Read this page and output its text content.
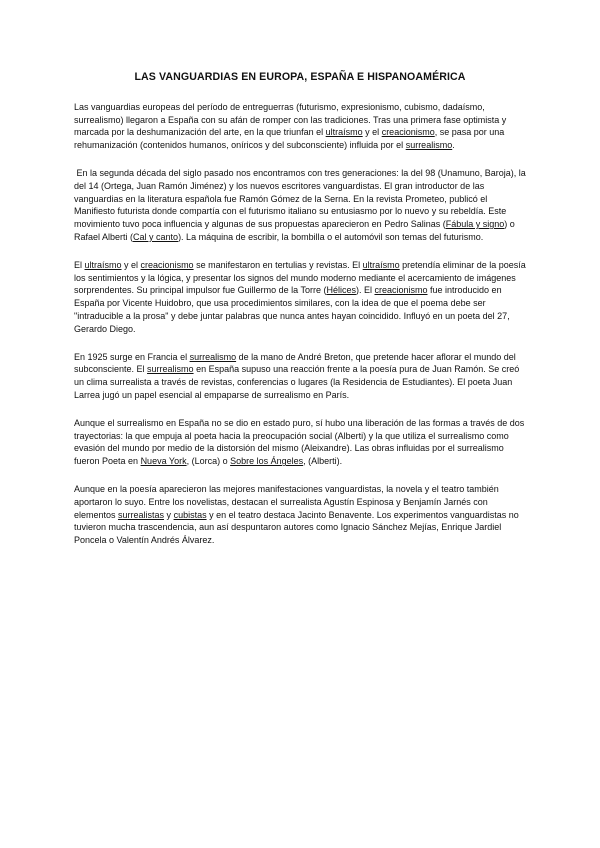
LAS VANGUARDIAS EN EUROPA, ESPAÑA E HISPANOAMÉRICA

Las vanguardias europeas del período de entreguerras (futurismo, expresionismo, cubismo, dadaísmo, surrealismo) llegaron a España con su afán de romper con las tradiciones. Tras una primera fase optimista y marcada por la deshumanización del arte, en la que triunfan el ultraísmo y el creacionismo, se pasa por una rehumanización (contenidos humanos, oníricos y del subconsciente) influida por el surrealismo.

En la segunda década del siglo pasado nos encontramos con tres generaciones: la del 98 (Unamuno, Baroja), la del 14 (Ortega, Juan Ramón Jiménez) y los nuevos escritores vanguardistas. El gran introductor de las vanguardias en la literatura española fue Ramón Gómez de la Serna. En la revista Prometeo, publicó el Manifiesto futurista donde compartía con el futurismo italiano su entusiasmo por lo nuevo y su rebeldía. Este movimiento tuvo poca influencia y algunas de sus propuestas aparecieron en Pedro Salinas (Fábula y signo) o Rafael Alberti (Cal y canto). La máquina de escribir, la bombilla o el automóvil son temas del futurismo.

El ultraísmo y el creacionismo se manifestaron en tertulias y revistas. El ultraísmo pretendía eliminar de la poesía los sentimientos y la lógica, y presentar los signos del mundo moderno mediante el acercamiento de imágenes sorprendentes. Su principal impulsor fue Guillermo de la Torre (Hélices). El creacionismo fue introducido en España por Vicente Huidobro, que usa procedimientos similares, con la idea de que el poema debe ser "intraducible a la prosa" y debe juntar palabras que nunca antes hayan coincidido. Influyó en un poeta del 27, Gerardo Diego.

En 1925 surge en Francia el surrealismo de la mano de André Breton, que pretende hacer aflorar el mundo del subconsciente. El surrealismo en España supuso una reacción frente a la poesía pura de Juan Ramón. Se creó un clima surrealista a través de revistas, conferencias o lugares (la Residencia de Estudiantes). El poeta Juan Larrea jugó un papel esencial al empaparse de surrealismo en París.

Aunque el surrealismo en España no se dio en estado puro, sí hubo una liberación de las formas a través de dos trayectorias: la que empuja al poeta hacia la preocupación social (Alberti) y la que utiliza el surrealismo como evasión del mundo por medio de la distorsión del mismo (Aleixandre). Las obras influidas por el surrealismo fueron Poeta en Nueva York, (Lorca) o Sobre los Ángeles, (Alberti).

Aunque en la poesía aparecieron las mejores manifestaciones vanguardistas, la novela y el teatro también aportaron lo suyo. Entre los novelistas, destacan el surrealista Agustín Espinosa y Benjamín Jarnés con elementos surrealistas y cubistas y en el teatro destaca Jacinto Benavente. Los experimentos vanguardistas no tuvieron mucha trascendencia, aun así despuntaron autores como Ignacio Sánchez Mejías, Enrique Jardiel Poncela o Valentín Andrés Álvarez.
